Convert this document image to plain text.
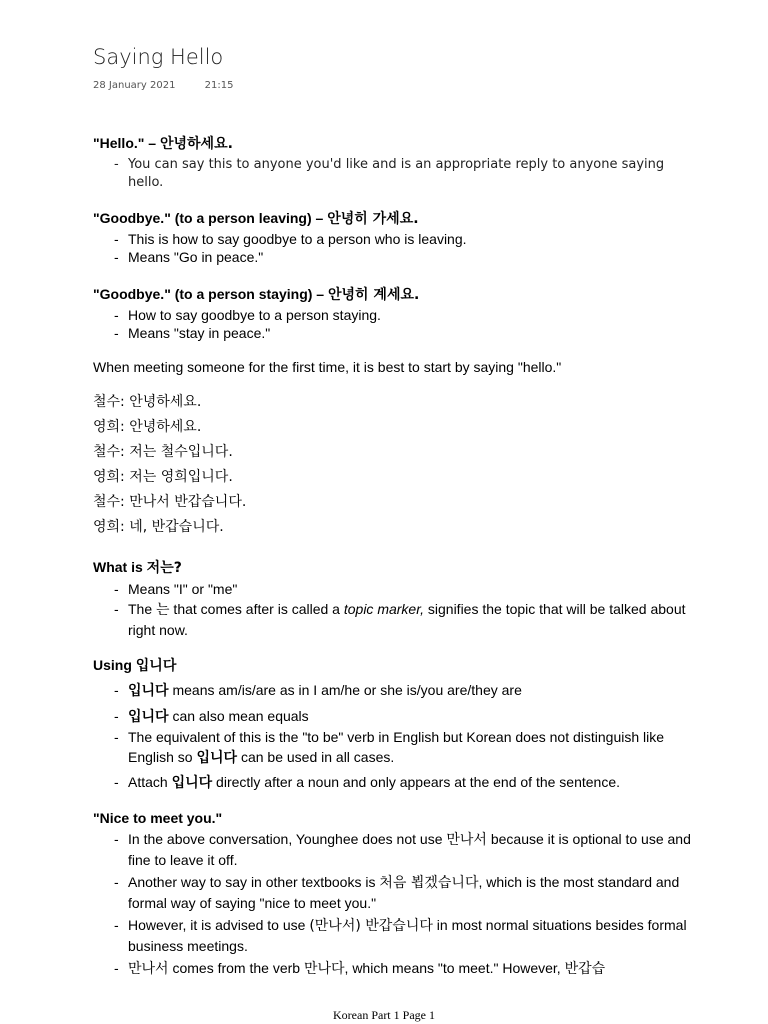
Saying Hello
28 January 2021	21:15

"Hello." – 안녕하세요.

- You can say this to anyone you'd like and is an appropriate reply to anyone saying hello.

"Goodbye." (to a person leaving) – 안녕히 가세요.

- This is how to say goodbye to a person who is leaving.
- Means "Go in peace."

"Goodbye." (to a person staying) – 안녕히 계세요.

- How to say goodbye to a person staying.
- Means "stay in peace."

When meeting someone for the first time, it is best to start by saying "hello."

철수: 안녕하세요.

영희: 안녕하세요.

철수: 저는 철수입니다.

영희: 저는 영희입니다.

철수: 만나서 반갑습니다.

영희: 네, 반갑습니다.

What is 저는?

- Means "I" or "me"
- The 는 that comes after is called a topic marker, signifies the topic that will be talked about right now.

Using 입니다

- 입니다 means am/is/are as in I am/he or she is/you are/they are
- 입니다 can also mean equals
- The equivalent of this is the "to be" verb in English but Korean does not distinguish like English so 입니다 can be used in all cases.
- Attach 입니다 directly after a noun and only appears at the end of the sentence.

"Nice to meet you."

- In the above conversation, Younghee does not use 만나서 because it is optional to use and fine to leave it off.
- Another way to say in other textbooks is 처음 뵙겠습니다, which is the most standard and formal way of saying "nice to meet you."
- However, it is advised to use (만나서) 반갑습니다 in most normal situations besides formal business meetings.
- 만나서 comes from the verb 만나다, which means "to meet." However, 반갑습
Korean Part 1 Page 1
